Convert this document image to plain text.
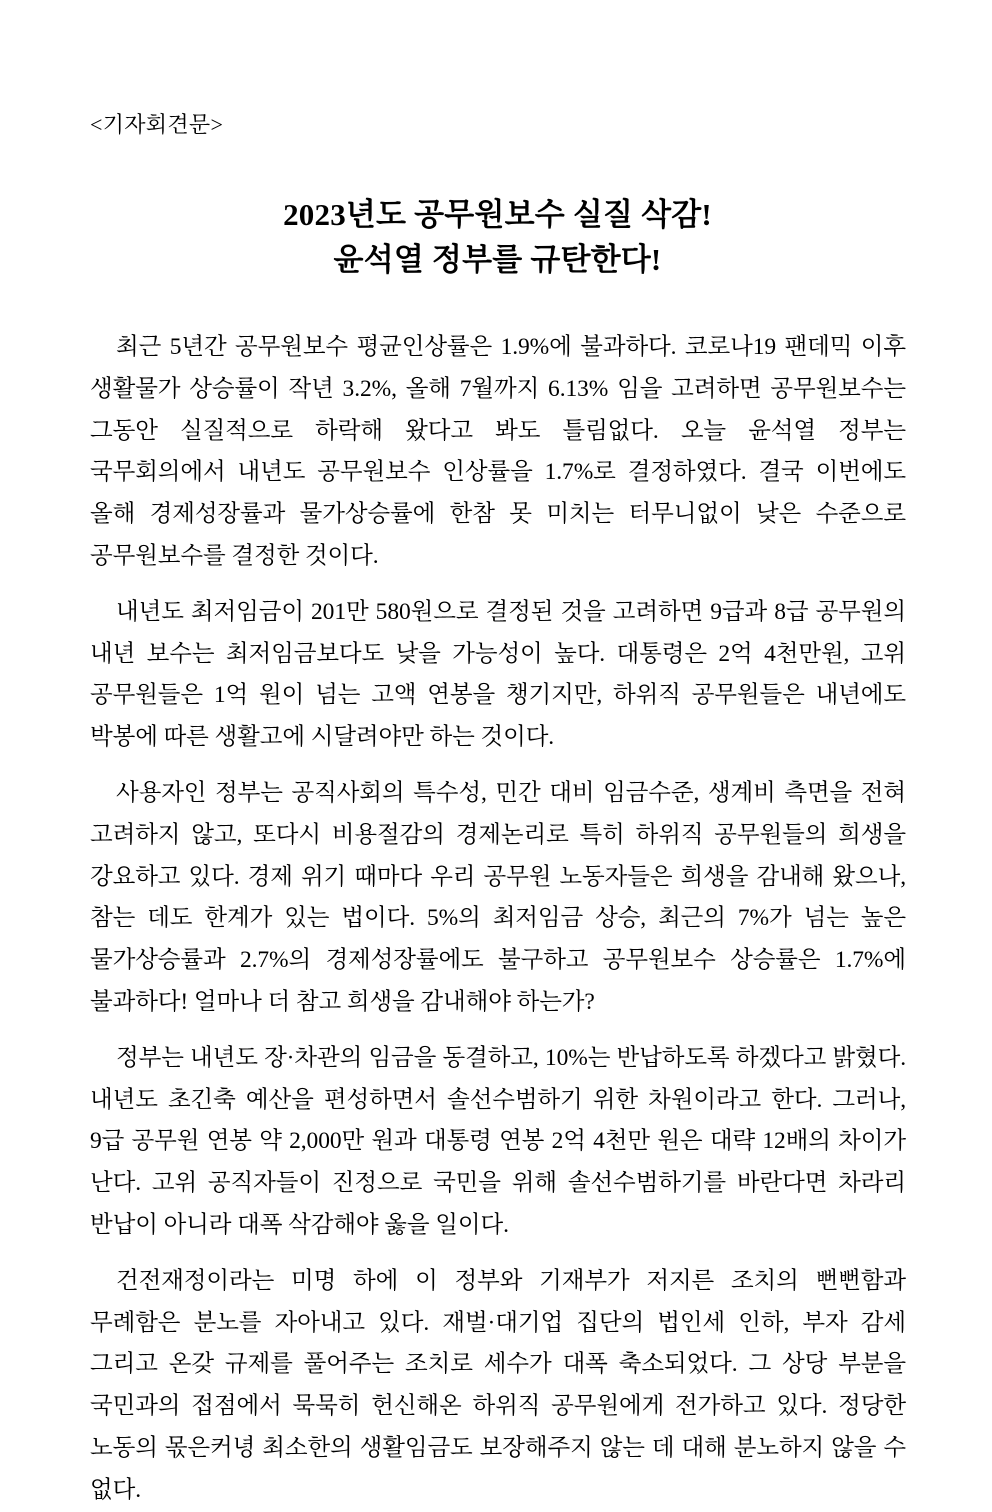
<기자회견문>
2023년도 공무원보수 실질 삭감!
윤석열 정부를 규탄한다!

최근 5년간 공무원보수 평균인상률은 1.9%에 불과하다. 코로나19 팬데믹 이후 생활물가 상승률이 작년 3.2%, 올해 7월까지 6.13% 임을 고려하면 공무원보수는 그동안 실질적으로 하락해 왔다고 봐도 틀림없다. 오늘 윤석열 정부는 국무회의에서 내년도 공무원보수 인상률을 1.7%로 결정하였다. 결국 이번에도 올해 경제성장률과 물가상승률에 한참 못 미치는 터무니없이 낮은 수준으로 공무원보수를 결정한 것이다.

내년도 최저임금이 201만 580원으로 결정된 것을 고려하면 9급과 8급 공무원의 내년 보수는 최저임금보다도 낮을 가능성이 높다. 대통령은 2억 4천만원, 고위 공무원들은 1억 원이 넘는 고액 연봉을 챙기지만, 하위직 공무원들은 내년에도 박봉에 따른 생활고에 시달려야만 하는 것이다.

사용자인 정부는 공직사회의 특수성, 민간 대비 임금수준, 생계비 측면을 전혀 고려하지 않고, 또다시 비용절감의 경제논리로 특히 하위직 공무원들의 희생을 강요하고 있다. 경제 위기 때마다 우리 공무원 노동자들은 희생을 감내해 왔으나, 참는 데도 한계가 있는 법이다. 5%의 최저임금 상승, 최근의 7%가 넘는 높은 물가상승률과 2.7%의 경제성장률에도 불구하고 공무원보수 상승률은 1.7%에 불과하다! 얼마나 더 참고 희생을 감내해야 하는가?

정부는 내년도 장·차관의 임금을 동결하고, 10%는 반납하도록 하겠다고 밝혔다. 내년도 초긴축 예산을 편성하면서 솔선수범하기 위한 차원이라고 한다. 그러나, 9급 공무원 연봉 약 2,000만 원과 대통령 연봉 2억 4천만 원은 대략 12배의 차이가 난다. 고위 공직자들이 진정으로 국민을 위해 솔선수범하기를 바란다면 차라리 반납이 아니라 대폭 삭감해야 옳을 일이다.

건전재정이라는 미명 하에 이 정부와 기재부가 저지른 조치의 뻔뻔함과 무례함은 분노를 자아내고 있다. 재벌·대기업 집단의 법인세 인하, 부자 감세 그리고 온갖 규제를 풀어주는 조치로 세수가 대폭 축소되었다. 그 상당 부분을 국민과의 접점에서 묵묵히 헌신해온 하위직 공무원에게 전가하고 있다. 정당한 노동의 몫은커녕 최소한의 생활임금도 보장해주지 않는 데 대해 분노하지 않을 수 없다.
